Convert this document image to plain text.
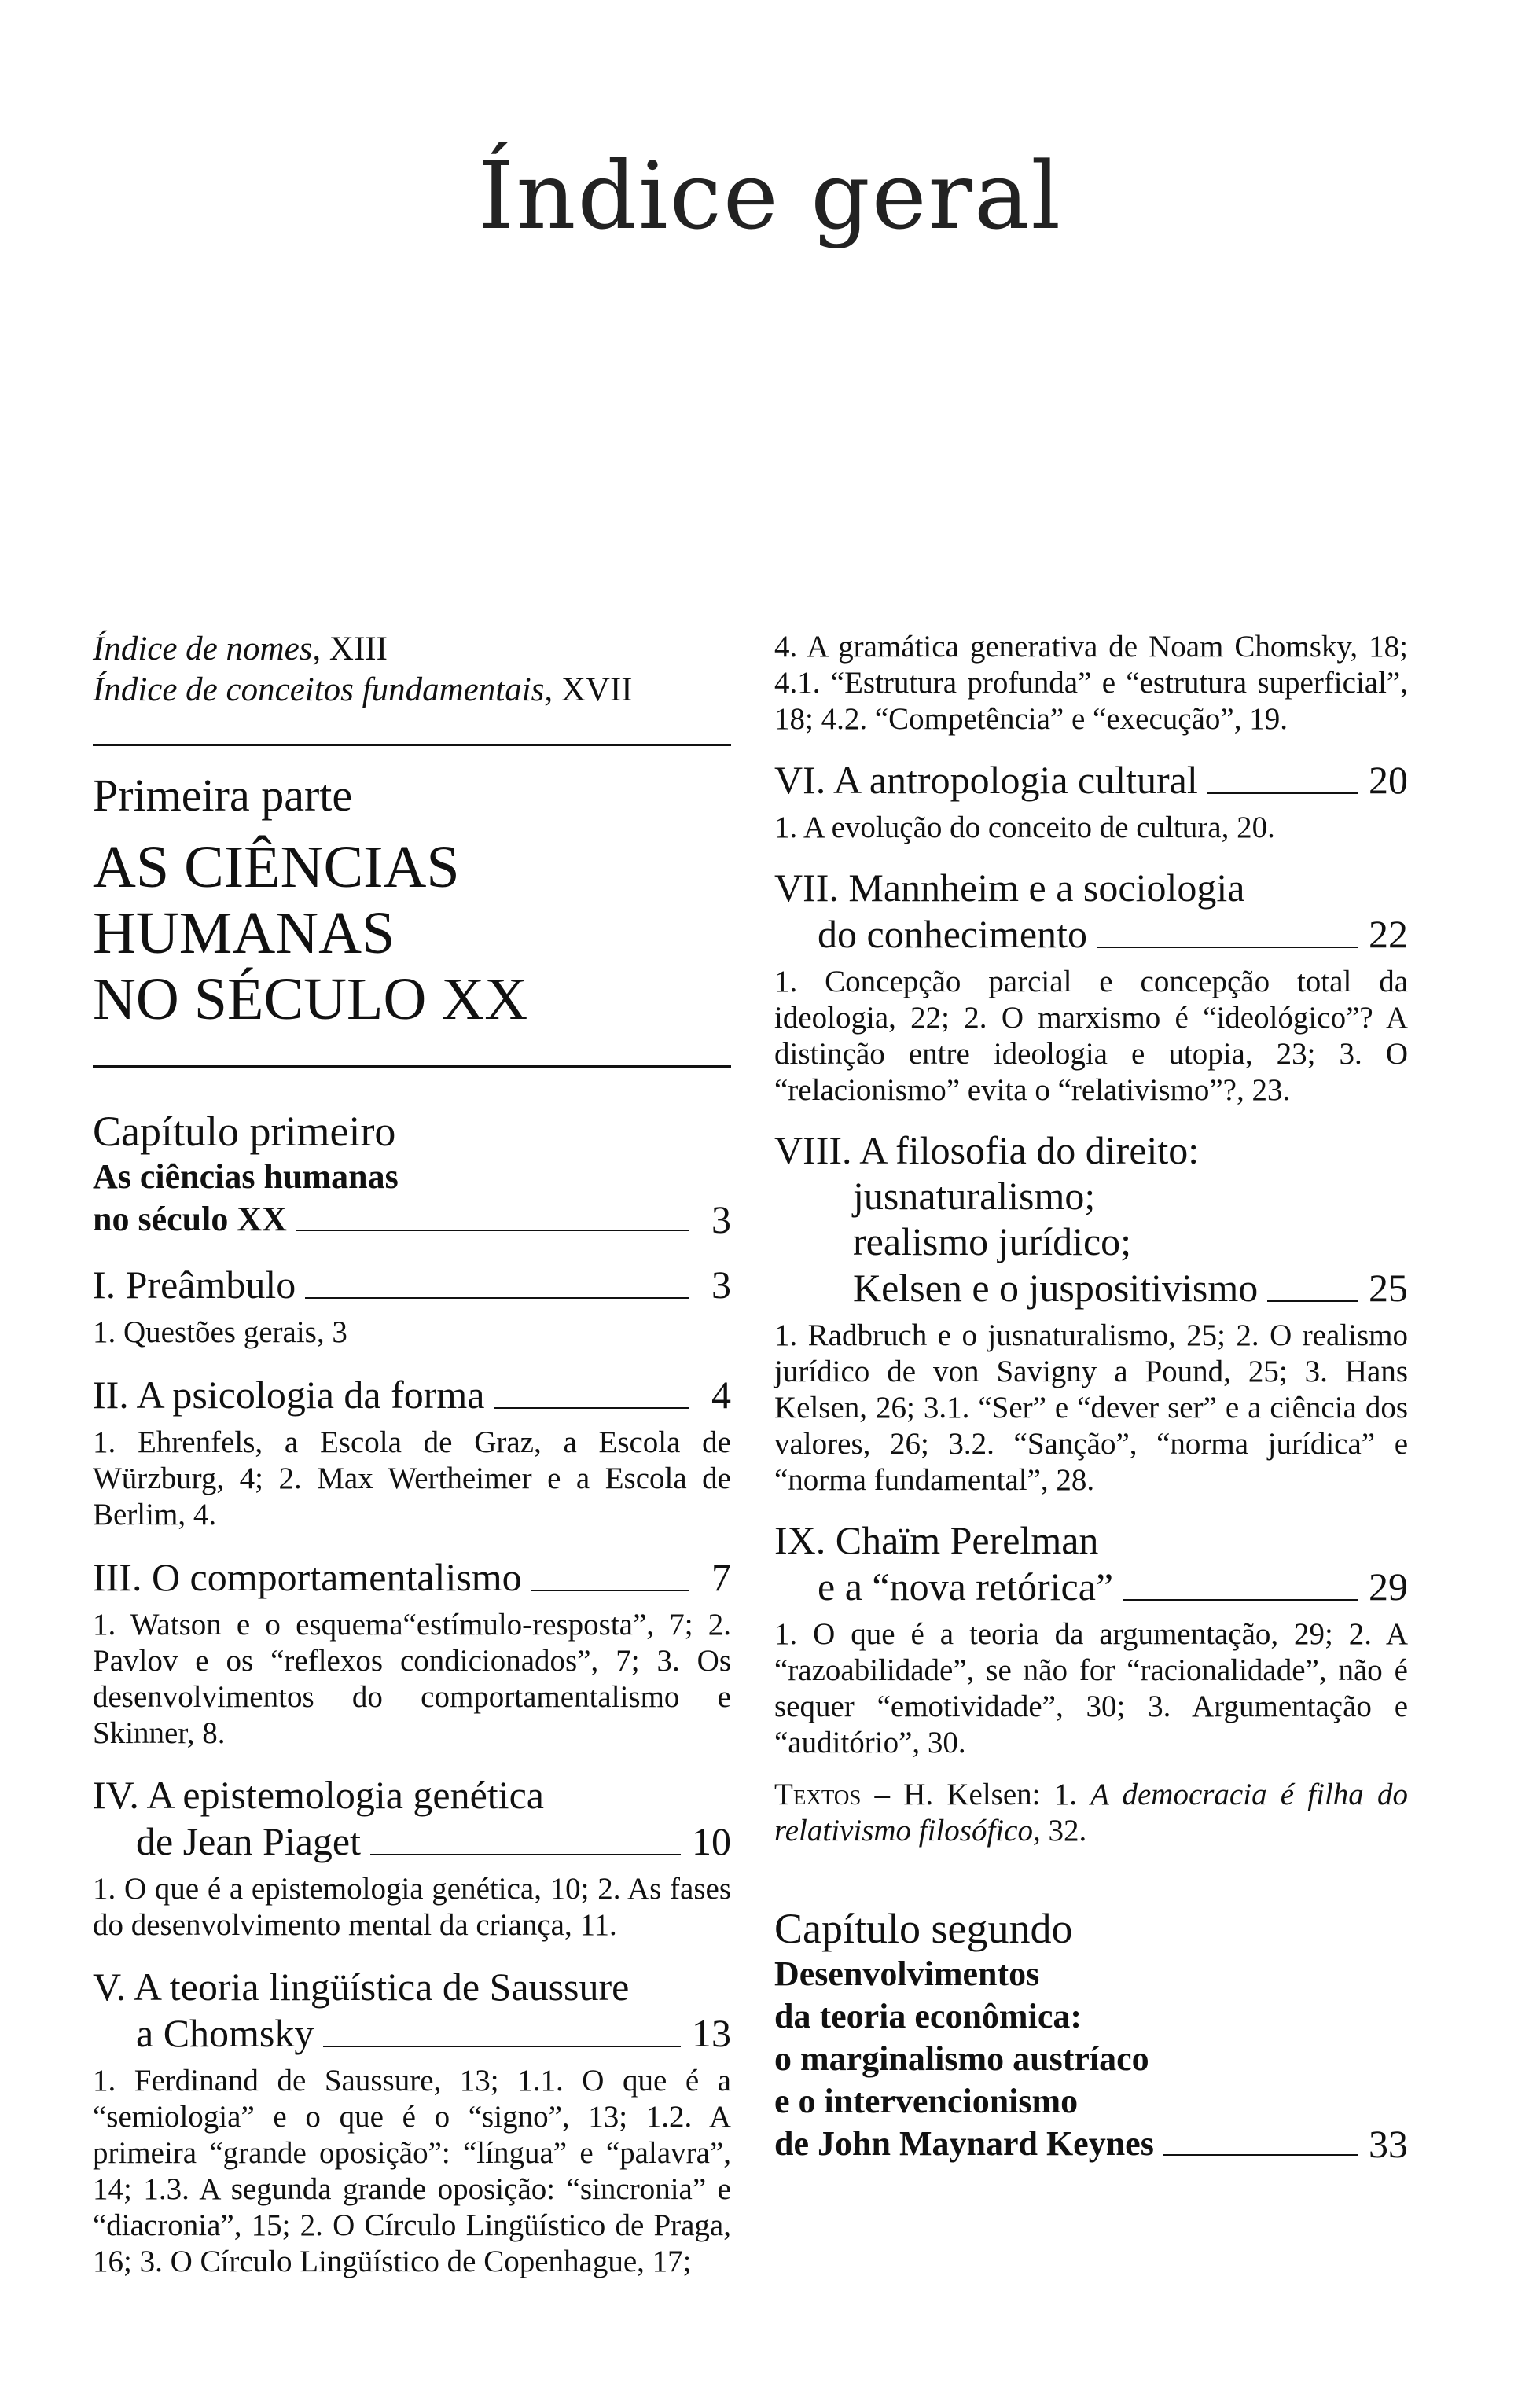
Índice geral
Índice de nomes, XIII
Índice de conceitos fundamentais, XVII
Primeira parte
AS CIÊNCIAS HUMANAS
NO SÉCULO XX
Capítulo primeiro
As ciências humanas
no século XX	3
I. Preâmbulo	3
1. Questões gerais, 3
II. A psicologia da forma	4
1. Ehrenfels, a Escola de Graz, a Escola de Würzburg, 4; 2. Max Wertheimer e a Escola de Berlim, 4.
III. O comportamentalismo	7
1. Watson e o esquema“estímulo-resposta”, 7; 2. Pavlov e os “reflexos condicionados”, 7; 3. Os desenvolvimentos do comportamentalismo e Skinner, 8.
IV. A epistemologia genética
de Jean Piaget	10
1. O que é a epistemologia genética, 10; 2. As fases do desenvolvimento mental da criança, 11.
V. A teoria lingüística de Saussure
a Chomsky	13
1. Ferdinand de Saussure, 13; 1.1. O que é a “semiologia” e o que é o “signo”, 13; 1.2. A primeira “grande oposição”: “língua” e “palavra”, 14; 1.3. A segunda grande oposição: “sincronia” e “diacronia”, 15; 2. O Círculo Lingüístico de Praga, 16; 3. O Círculo Lingüístico de Copenhague, 17;
4. A gramática generativa de Noam Chomsky, 18; 4.1. “Estrutura profunda” e “estrutura superficial”, 18; 4.2. “Competência” e “execução”, 19.
VI. A antropologia cultural	20
1. A evolução do conceito de cultura, 20.
VII. Mannheim e a sociologia
do conhecimento	22
1. Concepção parcial e concepção total da ideologia, 22; 2. O marxismo é “ideológico”? A distinção entre ideologia e utopia, 23; 3. O “relacionismo” evita o “relativismo”?, 23.
VIII. A filosofia do direito:
jusnaturalismo;
realismo jurídico;
Kelsen e o juspositivismo	25
1. Radbruch e o jusnaturalismo, 25; 2. O realismo jurídico de von Savigny a Pound, 25; 3. Hans Kelsen, 26; 3.1. “Ser” e “dever ser” e a ciência dos valores, 26; 3.2. “Sanção”, “norma jurídica” e “norma fundamental”, 28.
IX. Chaïm Perelman
e a “nova retórica”	29
1. O que é a teoria da argumentação, 29; 2. A “razoabilidade”, se não for “racionalidade”, não é sequer “emotividade”, 30; 3. Argumentação e “auditório”, 30.
Textos – H. Kelsen: 1. A democracia é filha do relativismo filosófico, 32.
Capítulo segundo
Desenvolvimentos
da teoria econômica:
o marginalismo austríaco
e o intervencionismo
de John Maynard Keynes	33
